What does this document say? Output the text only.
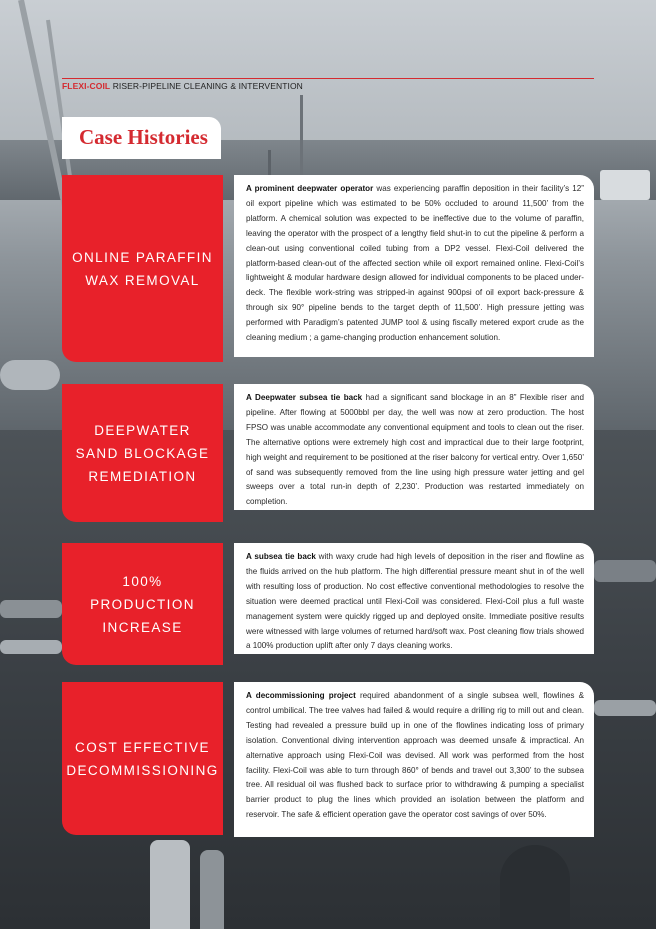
FLEXI-COIL RISER-PIPELINE CLEANING & INTERVENTION
Case Histories
ONLINE PARAFFIN
WAX REMOVAL

A prominent deepwater operator was experiencing paraffin deposition in their facility’s 12” oil export pipeline which was estimated to be 50% occluded to around 11,500’ from the platform. A chemical solution was expected to be ineffective due to the volume of paraffin, leaving the operator with the prospect of a lengthy field shut-in to cut the pipeline & perform a clean-out using conventional coiled tubing from a DP2 vessel. Flexi-Coil delivered the platform-based clean-out of the affected section while oil export remained online. Flexi-Coil’s lightweight & modular hardware design allowed for individual components to be placed under-deck. The flexible work-string was stripped-in against 900psi of oil export back-pressure & through six 90° pipeline bends to the target depth of 11,500’. High pressure jetting was performed with Paradigm’s patented JUMP tool & using fiscally metered export crude as the cleaning medium ; a game-changing production enhancement solution.

DEEPWATER
SAND BLOCKAGE
REMEDIATION

A Deepwater subsea tie back had a significant sand blockage in an 8” Flexible riser and pipeline. After flowing at 5000bbl per day, the well was now at zero production. The host FPSO was unable accommodate any conventional equipment and tools to clean out the riser. The alternative options were extremely high cost and impractical due to their large footprint, high weight and requirement to be positioned at the riser balcony for vertical entry. Over 1,650’ of sand was subsequently removed from the line using high pressure water jetting and gel sweeps over a total run-in depth of 2,230’. Production was restarted immediately on completion.

100%
PRODUCTION
INCREASE

A subsea tie back with waxy crude had high levels of deposition in the riser and flowline as the fluids arrived on the hub platform. The high differential pressure meant shut in of the well with resulting loss of production. No cost effective conventional methodologies to resolve the situation were deemed practical until Flexi-Coil was considered. Flexi-Coil plus a full waste management system were quickly rigged up and deployed onsite. Immediate positive results were witnessed with large volumes of returned hard/soft wax. Post cleaning flow trials showed a 100% production uplift after only 7 days cleaning works.

COST EFFECTIVE
DECOMMISSIONING

A decommissioning project required abandonment of a single subsea well, flowlines & control umbilical. The tree valves had failed & would require a drilling rig to mill out and clean. Testing had revealed a pressure build up in one of the flowlines indicating loss of primary isolation. Conventional diving intervention approach was deemed unsafe & impractical. An alternative approach using Flexi-Coil was devised. All work was performed from the host facility. Flexi-Coil was able to turn through 860° of bends and travel out 3,300’ to the subsea tree. All residual oil was flushed back to surface prior to withdrawing & pumping a specialist barrier product to plug the lines which provided an isolation between the platform and reservoir. The safe & efficient operation gave the operator cost savings of over 50%.
